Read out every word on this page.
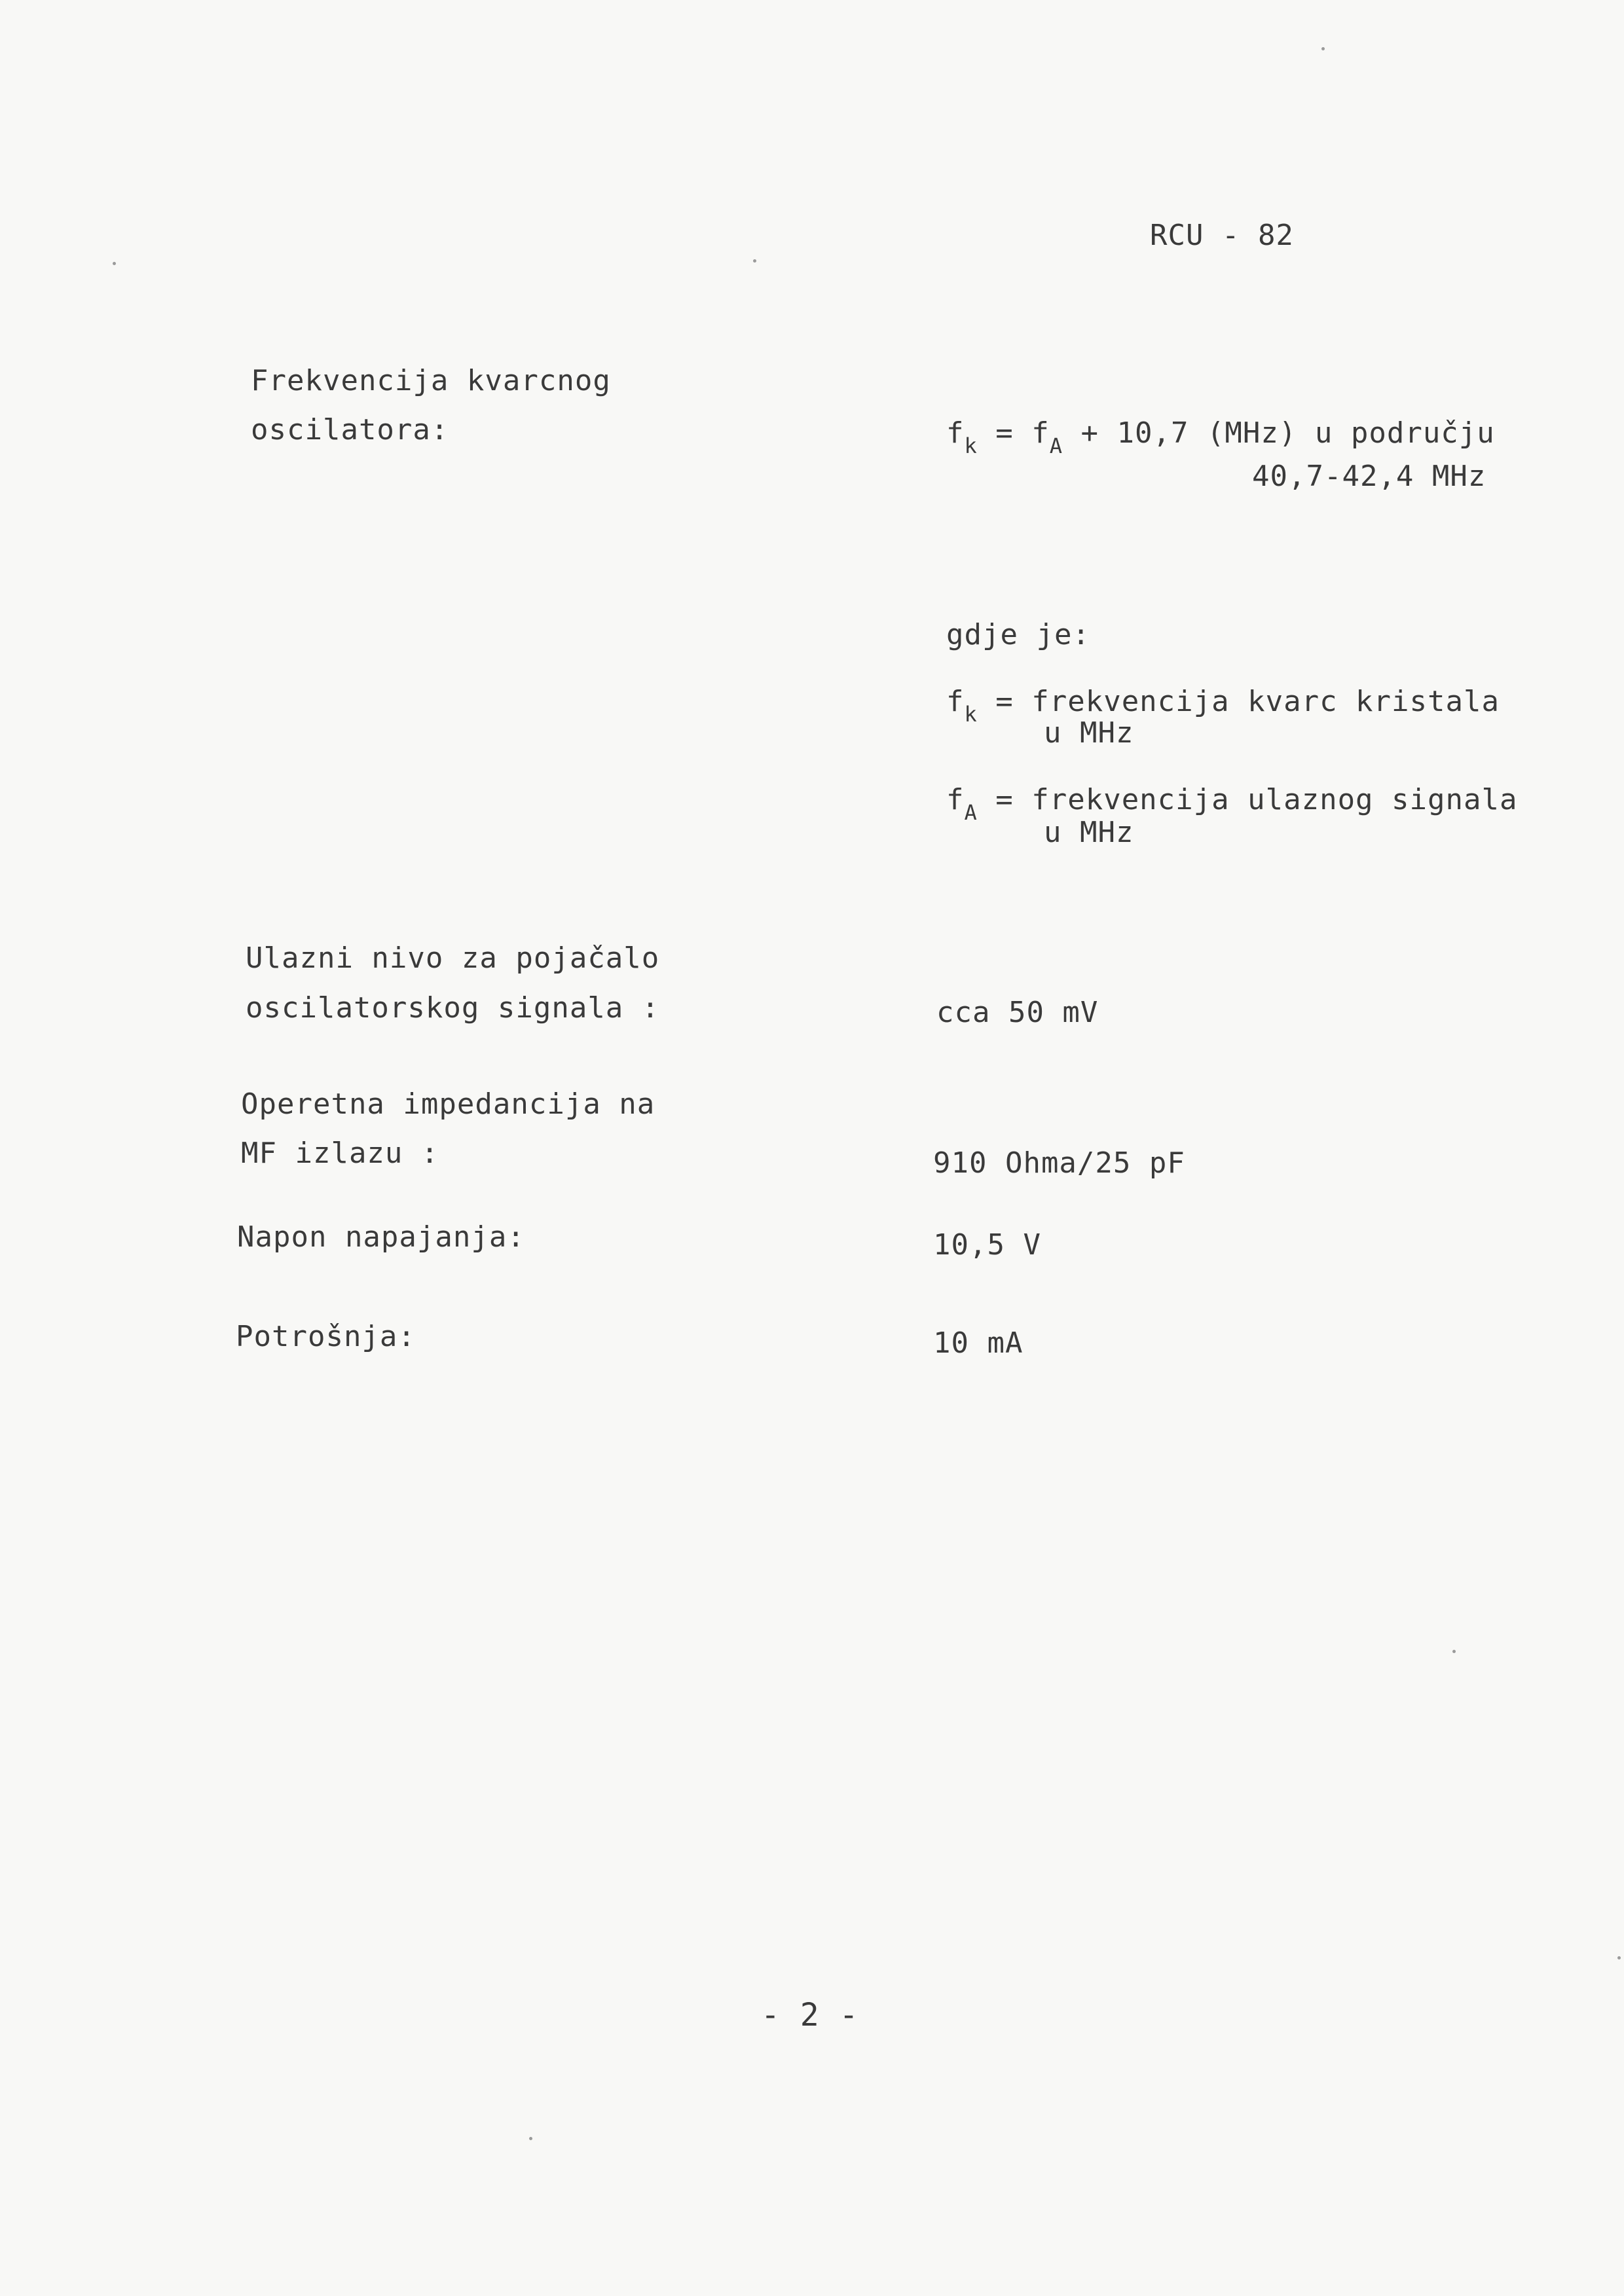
RCU - 82
Frekvencija kvarcnog
oscilatora:	$f_k = f_A + 10,7$ (MHz) u području
40,7-42,4 MHz
gdje je:
$f_k$ = frekvencija kvarc kristala
u MHz
$f_A$ = frekvencija ulaznog signala
u MHz
Ulazni nivo za pojačalo
oscilatorskog signala :	cca 50 mV
Operetna impedancija na
MF izlazu :	910 Ohma/25 pF
Napon napajanja:	10,5 V
Potrošnja:	10 mA
- 2 -
